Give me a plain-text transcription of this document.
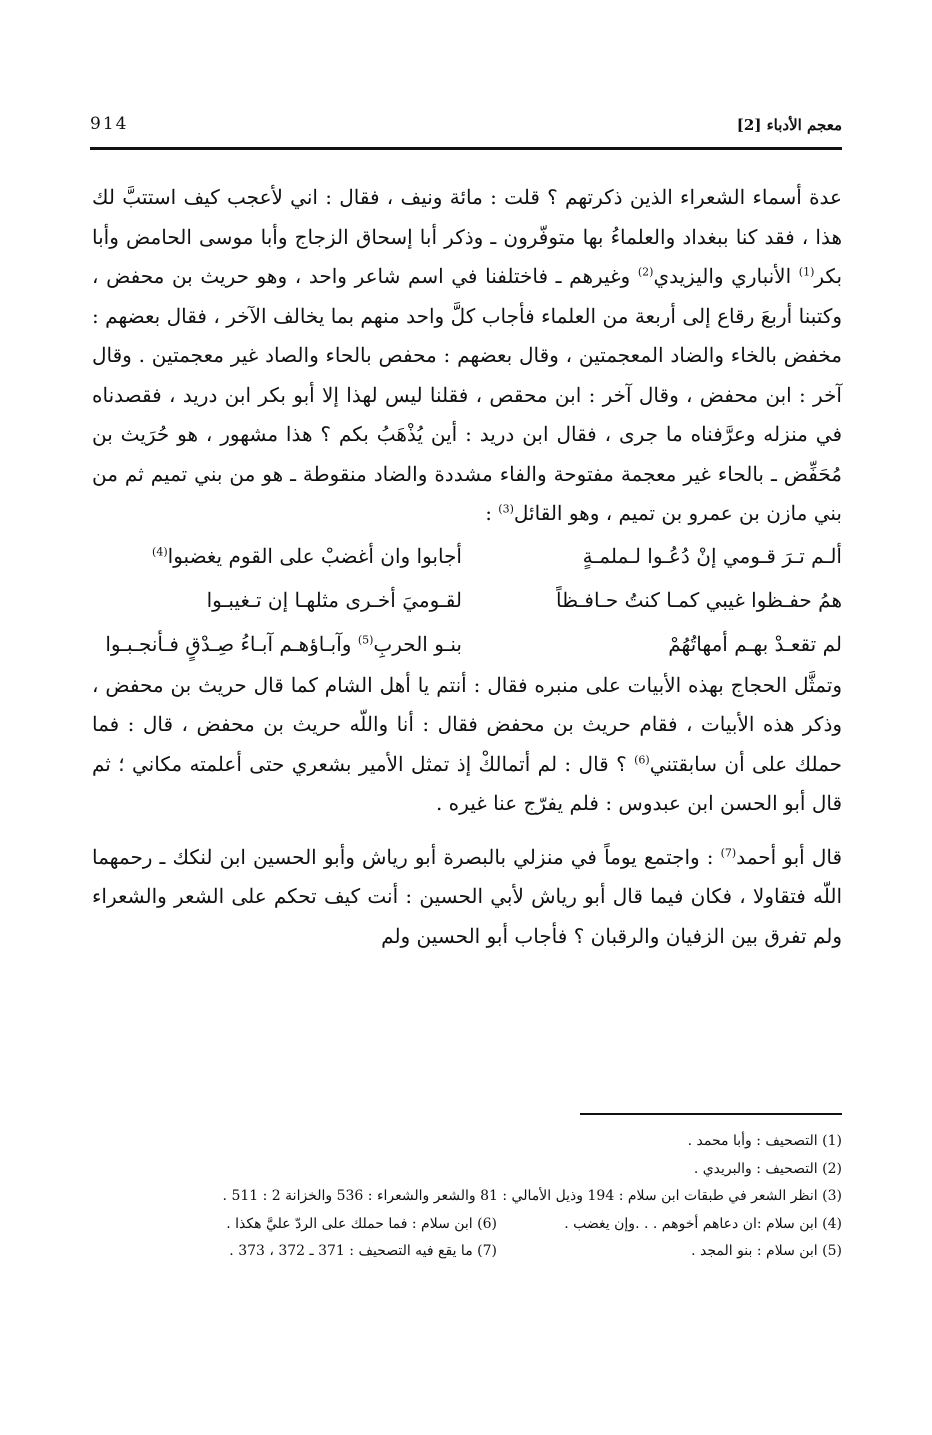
معجم الأدباء [2]
914

عدة أسماء الشعراء الذين ذكرتهم ؟ قلت : مائة ونيف ، فقال : اني لأعجب كيف استتبَّ لك هذا ، فقد كنا ببغداد والعلماءُ بها متوفّرون ـ وذكر أبا إسحاق الزجاج وأبا موسى الحامض وأبا بكر$^{(1)}$ الأنباري واليزيدي$^{(2)}$ وغيرهم ـ فاختلفنا في اسم شاعر واحد ، وهو حريث بن محفض ، وكتبنا أربعَ رقاع إلى أربعة من العلماء فأجاب كلَّ واحد منهم بما يخالف الآخر ، فقال بعضهم : مخفض بالخاء والضاد المعجمتين ، وقال بعضهم : محفص بالحاء والصاد غير معجمتين . وقال آخر : ابن محفض ، وقال آخر : ابن محقص ، فقلنا ليس لهذا إلا أبو بكر ابن دريد ، فقصدناه في منزله وعرَّفناه ما جرى ، فقال ابن دريد : أين يُذْهَبُ بكم ؟ هذا مشهور ، هو حُرَيث بن مُحَفِّض ـ بالحاء غير معجمة مفتوحة والفاء مشددة والضاد منقوطة ـ هو من بني تميم ثم من بني مازن بن عمرو بن تميم ، وهو القائل$^{(3)}$ :

ألـم تـرَ قـومي إنْ دُعُـوا لـملمـةٍ
أجابوا وان أغضبْ على القوم يغضبوا$^{(4)}$
همُ حفـظوا غيبي كمـا كنتُ حـافـظاً
لقـوميَ أخـرى مثلهـا إن تـغيبـوا
لم تقعـدْ بهـم أمهاتُهُمْ
بنـو الحربِ$^{(5)}$ وآبـاؤهـم آبـاءُ صِـدْقٍ فـأنجـبـوا

وتمثَّل الحجاج بهذه الأبيات على منبره فقال : أنتم يا أهل الشام كما قال حريث بن محفض ، وذكر هذه الأبيات ، فقام حريث بن محفض فقال : أنا واللّه حريث بن محفض ، قال : فما حملك على أن سابقتني$^{(6)}$ ؟ قال : لم أتمالكْ إذ تمثل الأمير بشعري حتى أعلمته مكاني ؛ ثم قال أبو الحسن ابن عبدوس : فلم يفرّج عنا غيره .

قال أبو أحمد$^{(7)}$ : واجتمع يوماً في منزلي بالبصرة أبو رياش وأبو الحسين ابن لنكك ـ رحمهما اللّه فتقاولا ، فكان فيما قال أبو رياش لأبي الحسين : أنت كيف تحكم على الشعر والشعراء ولم تفرق بين الزفيان والرقبان ؟ فأجاب أبو الحسين ولم

(1) التصحيف : وأبا محمد .
(2) التصحيف : والبريدي .
(3) انظر الشعر في طبقات ابن سلام : 194 وذيل الأمالي : 81 والشعر والشعراء : 536 والخزانة 2 : 511 .
(4) ابن سلام :ان دعاهم أخوهم . . .وإن يغضب .
(6) ابن سلام : فما حملك على الردّ عليَّ هكذا .
(5) ابن سلام : بنو المجد .
(7) ما يقع فيه التصحيف : 371 ـ 372 ، 373 .
